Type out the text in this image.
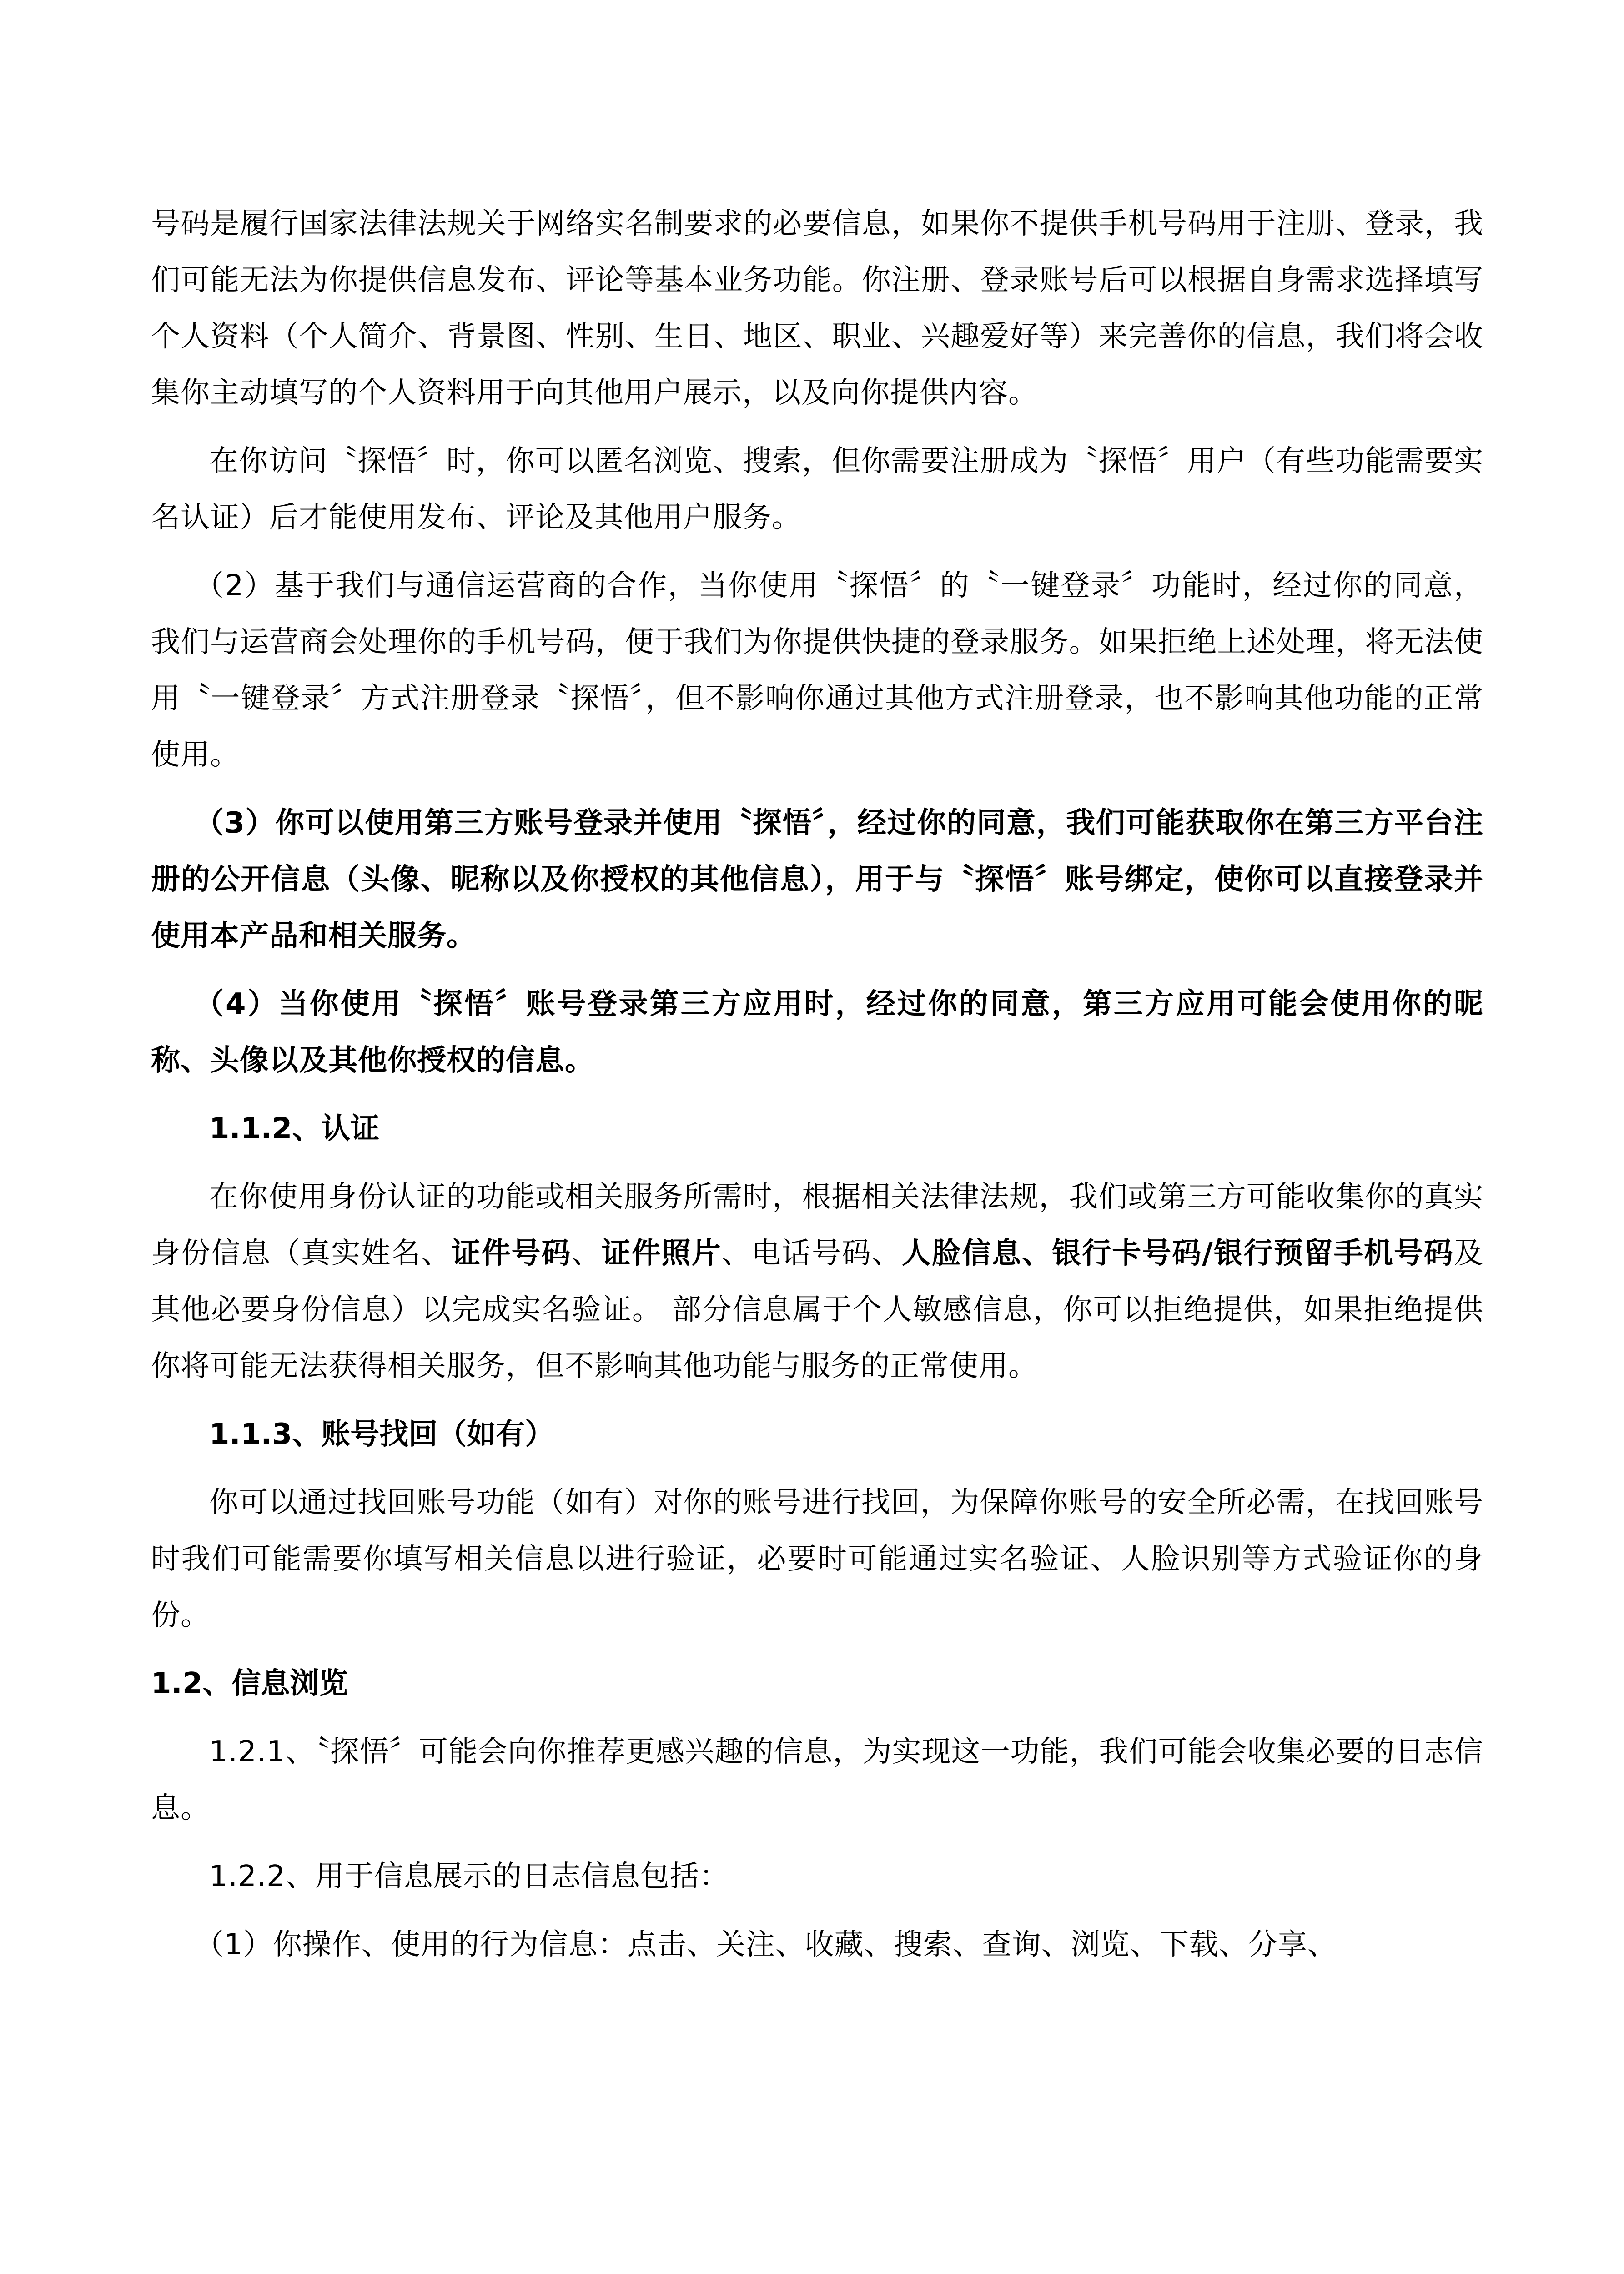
号码是履行国家法律法规关于网络实名制要求的必要信息，如果你不提供手机号码用于注册、登录，我们可能无法为你提供信息发布、评论等基本业务功能。你注册、登录账号后可以根据自身需求选择填写个人资料（个人简介、背景图、性别、生日、地区、职业、兴趣爱好等）来完善你的信息，我们将会收集你主动填写的个人资料用于向其他用户展示，以及向你提供内容。

在你访问〝探悟〞时，你可以匿名浏览、搜索，但你需要注册成为〝探悟〞用户（有些功能需要实名认证）后才能使用发布、评论及其他用户服务。

（2）基于我们与通信运营商的合作，当你使用〝探悟〞的〝一键登录〞功能时，经过你的同意，我们与运营商会处理你的手机号码，便于我们为你提供快捷的登录服务。如果拒绝上述处理，将无法使用〝一键登录〞方式注册登录〝探悟〞，但不影响你通过其他方式注册登录，也不影响其他功能的正常使用。

（3）你可以使用第三方账号登录并使用〝探悟〞，经过你的同意，我们可能获取你在第三方平台注册的公开信息（头像、昵称以及你授权的其他信息），用于与〝探悟〞账号绑定，使你可以直接登录并使用本产品和相关服务。

（4）当你使用〝探悟〞账号登录第三方应用时，经过你的同意，第三方应用可能会使用你的昵称、头像以及其他你授权的信息。

1.1.2、认证

在你使用身份认证的功能或相关服务所需时，根据相关法律法规，我们或第三方可能收集你的真实身份信息（真实姓名、证件号码、证件照片、电话号码、人脸信息、银行卡号码/银行预留手机号码及其他必要身份信息）以完成实名验证。 部分信息属于个人敏感信息，你可以拒绝提供，如果拒绝提供你将可能无法获得相关服务，但不影响其他功能与服务的正常使用。

1.1.3、账号找回（如有）

你可以通过找回账号功能（如有）对你的账号进行找回，为保障你账号的安全所必需，在找回账号时我们可能需要你填写相关信息以进行验证，必要时可能通过实名验证、人脸识别等方式验证你的身份。

1.2、信息浏览

1.2.1、〝探悟〞可能会向你推荐更感兴趣的信息，为实现这一功能，我们可能会收集必要的日志信息。

1.2.2、用于信息展示的日志信息包括：

（1）你操作、使用的行为信息：点击、关注、收藏、搜索、查询、浏览、下载、分享、
